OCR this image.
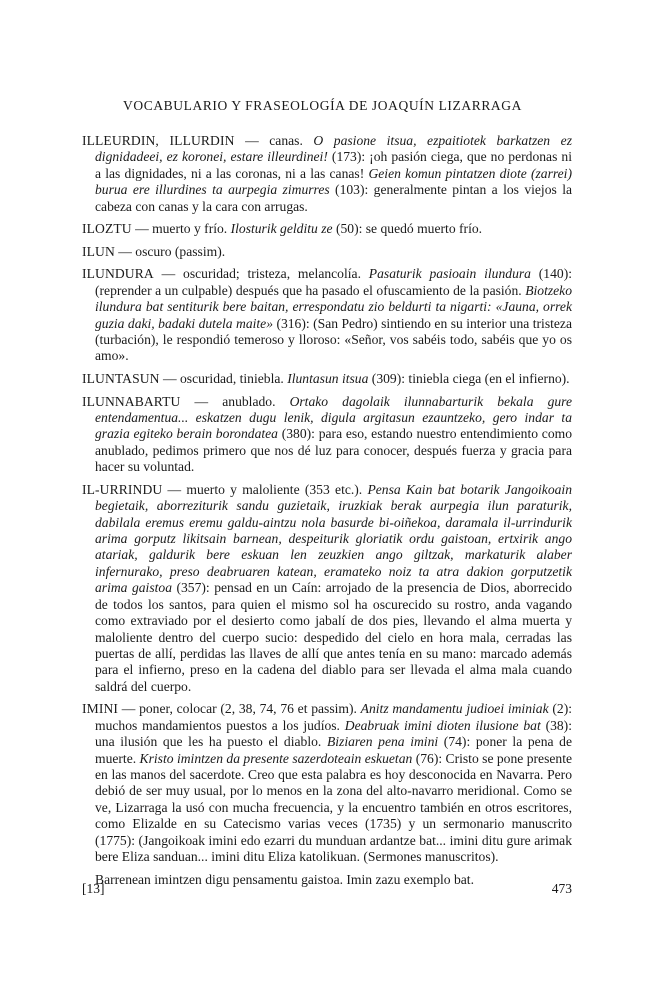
VOCABULARIO Y FRASEOLOGÍA DE JOAQUÍN LIZARRAGA

ILLEURDIN, ILLURDIN — canas. O pasione itsua, ezpaitiotek barkatzen ez dignidadeei, ez koronei, estare illeurdinei! (173): ¡oh pasión ciega, que no perdonas ni a las dignidades, ni a las coronas, ni a las canas! Geien komun pintatzen diote (zarrei) burua ere illurdines ta aurpegia zimurres (103): generalmente pintan a los viejos la cabeza con canas y la cara con arrugas.

ILOZTU — muerto y frío. Ilosturik gelditu ze (50): se quedó muerto frío.

ILUN — oscuro (passim).

ILUNDURA — oscuridad; tristeza, melancolía. Pasaturik pasioain ilundura (140): (reprender a un culpable) después que ha pasado el ofuscamiento de la pasión. Biotzeko ilundura bat sentiturik bere baitan, errespondatu zio beldurti ta nigarti: «Jauna, orrek guzia daki, badaki dutela maite» (316): (San Pedro) sintiendo en su interior una tristeza (turbación), le respondió temeroso y lloroso: «Señor, vos sabéis todo, sabéis que yo os amo».

ILUNTASUN — oscuridad, tiniebla. Iluntasun itsua (309): tiniebla ciega (en el infierno).

ILUNNABARTU — anublado. Ortako dagolaik ilunnabarturik bekala gure entendamentua... eskatzen dugu lenik, digula argitasun ezauntzeko, gero indar ta grazia egiteko berain borondatea (380): para eso, estando nuestro entendimiento como anublado, pedimos primero que nos dé luz para conocer, después fuerza y gracia para hacer su voluntad.

IL-URRINDU — muerto y maloliente (353 etc.). Pensa Kain bat botarik Jangoikoain begietaik, aborreziturik sandu guzietaik, iruzkiak berak aurpegia ilun paraturik, dabilala eremus eremu galdu-aintzu nola basurde bi-oiñekoa, daramala il-urrindurik arima gorputz likitsain barnean, despeiturik gloriatik ordu gaistoan, ertxirik ango atariak, galdurik bere eskuan len zeuzkien ango giltzak, markaturik alaber infernurako, preso deabruaren katean, eramateko noiz ta atra dakion gorputzetik arima gaistoa (357): pensad en un Caín: arrojado de la presencia de Dios, aborrecido de todos los santos, para quien el mismo sol ha oscurecido su rostro, anda vagando como extraviado por el desierto como jabalí de dos pies, llevando el alma muerta y maloliente dentro del cuerpo sucio: despedido del cielo en hora mala, cerradas las puertas de allí, perdidas las llaves de allí que antes tenía en su mano: marcado además para el infierno, preso en la cadena del diablo para ser llevada el alma mala cuando saldrá del cuerpo.

IMINI — poner, colocar (2, 38, 74, 76 et passim). Anitz mandamentu judioei iminiak (2): muchos mandamientos puestos a los judíos. Deabruak imini dioten ilusione bat (38): una ilusión que les ha puesto el diablo. Biziaren pena imini (74): poner la pena de muerte. Kristo imintzen da presente sazerdoteain eskuetan (76): Cristo se pone presente en las manos del sacerdote. Creo que esta palabra es hoy desconocida en Navarra. Pero debió de ser muy usual, por lo menos en la zona del alto-navarro meridional. Como se ve, Lizarraga la usó con mucha frecuencia, y la encuentro también en otros escritores, como Elizalde en su Catecismo varias veces (1735) y un sermonario manuscrito (1775): (Jangoikoak imini edo ezarri du munduan ardantze bat... imini ditu gure arimak bere Eliza sanduan... imini ditu Eliza katolikuan. (Sermones manuscritos).

Barrenean imintzen digu pensamentu gaistoa. Imin zazu exemplo bat.

[13]	473
